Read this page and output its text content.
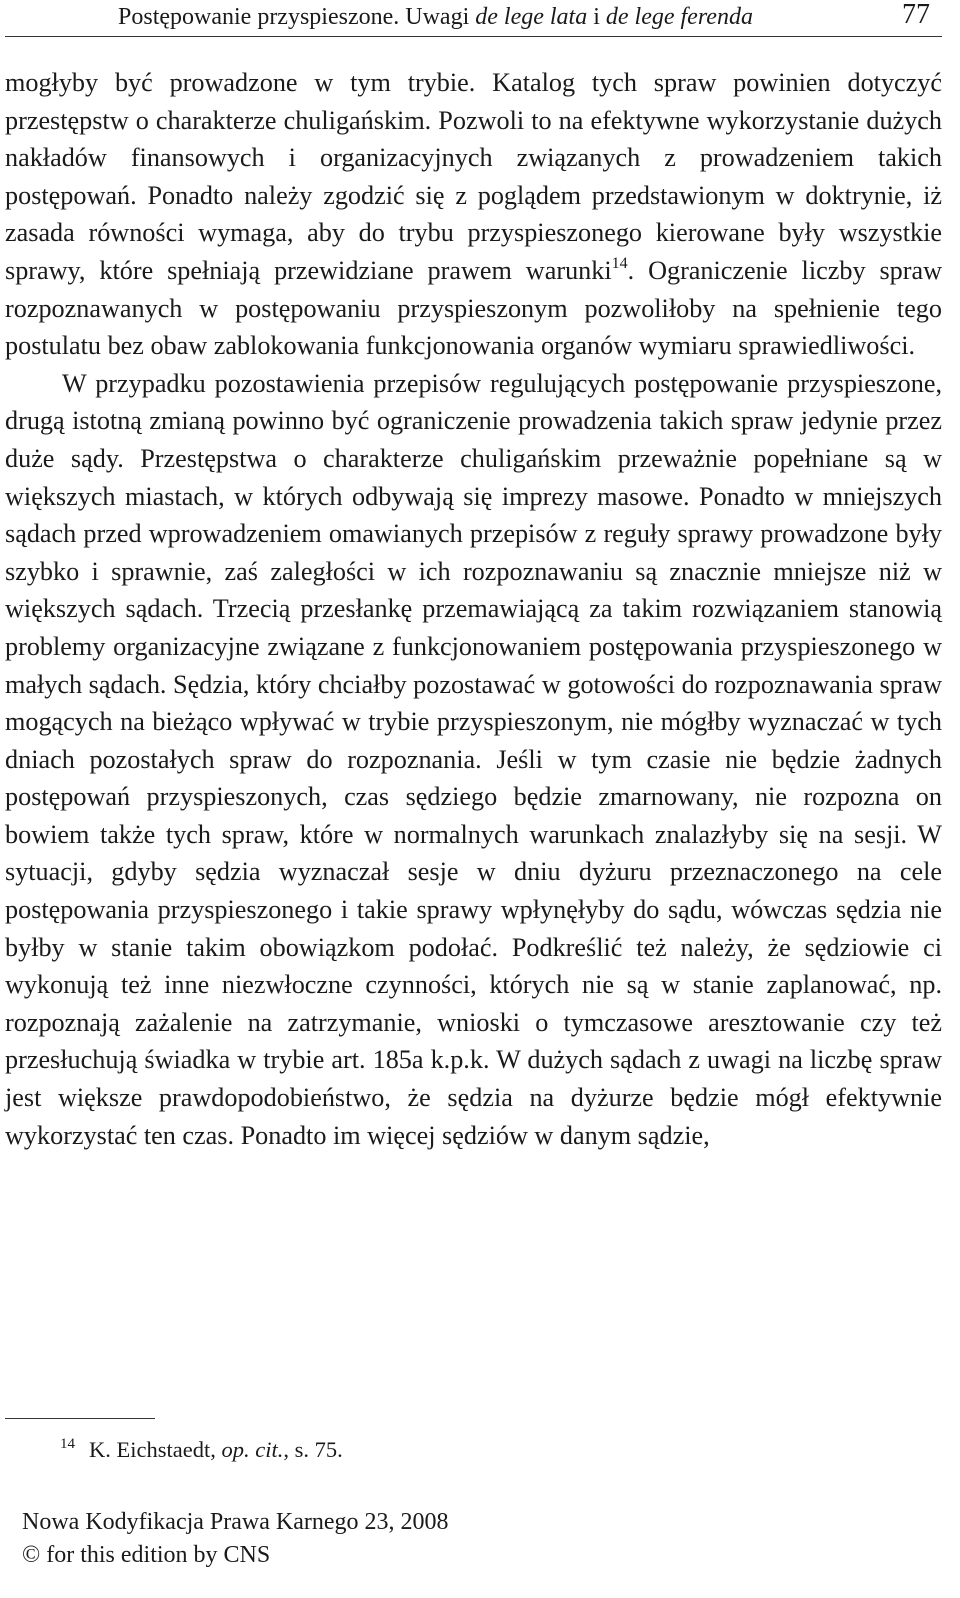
Postępowanie przyspieszone. Uwagi de lege lata i de lege ferenda	77

mogłyby być prowadzone w tym trybie. Katalog tych spraw powinien dotyczyć przestępstw o charakterze chuligańskim. Pozwoli to na efektywne wykorzystanie dużych nakładów finansowych i organizacyjnych związanych z prowadzeniem takich postępowań. Ponadto należy zgodzić się z poglądem przedstawionym w doktrynie, iż zasada równości wymaga, aby do trybu przyspieszonego kierowane były wszystkie sprawy, które spełniają przewidziane prawem warunki$^{14}$. Ograniczenie liczby spraw rozpoznawanych w postępowaniu przyspieszonym pozwoliłoby na spełnienie tego postulatu bez obaw zablokowania funkcjonowania organów wymiaru sprawiedliwości.

W przypadku pozostawienia przepisów regulujących postępowanie przyspieszone, drugą istotną zmianą powinno być ograniczenie prowadzenia takich spraw jedynie przez duże sądy. Przestępstwa o charakterze chuligańskim przeważnie popełniane są w większych miastach, w których odbywają się imprezy masowe. Ponadto w mniejszych sądach przed wprowadzeniem omawianych przepisów z reguły sprawy prowadzone były szybko i sprawnie, zaś zaległości w ich rozpoznawaniu są znacznie mniejsze niż w większych sądach. Trzecią przesłankę przemawiającą za takim rozwiązaniem stanowią problemy organizacyjne związane z funkcjonowaniem postępowania przyspieszonego w małych sądach. Sędzia, który chciałby pozostawać w gotowości do rozpoznawania spraw mogących na bieżąco wpływać w trybie przyspieszonym, nie mógłby wyznaczać w tych dniach pozostałych spraw do rozpoznania. Jeśli w tym czasie nie będzie żadnych postępowań przyspieszonych, czas sędziego będzie zmarnowany, nie rozpozna on bowiem także tych spraw, które w normalnych warunkach znalazłyby się na sesji. W sytuacji, gdyby sędzia wyznaczał sesje w dniu dyżuru przeznaczonego na cele postępowania przyspieszonego i takie sprawy wpłynęłyby do sądu, wówczas sędzia nie byłby w stanie takim obowiązkom podołać. Podkreślić też należy, że sędziowie ci wykonują też inne niezwłoczne czynności, których nie są w stanie zaplanować, np. rozpoznają zażalenie na zatrzymanie, wnioski o tymczasowe aresztowanie czy też przesłuchują świadka w trybie art. 185a k.p.k. W dużych sądach z uwagi na liczbę spraw jest większe prawdopodobieństwo, że sędzia na dyżurze będzie mógł efektywnie wykorzystać ten czas. Ponadto im więcej sędziów w danym sądzie,

$^{14}$ K. Eichstaedt, op. cit., s. 75.
Nowa Kodyfikacja Prawa Karnego 23, 2008
© for this edition by CNS
